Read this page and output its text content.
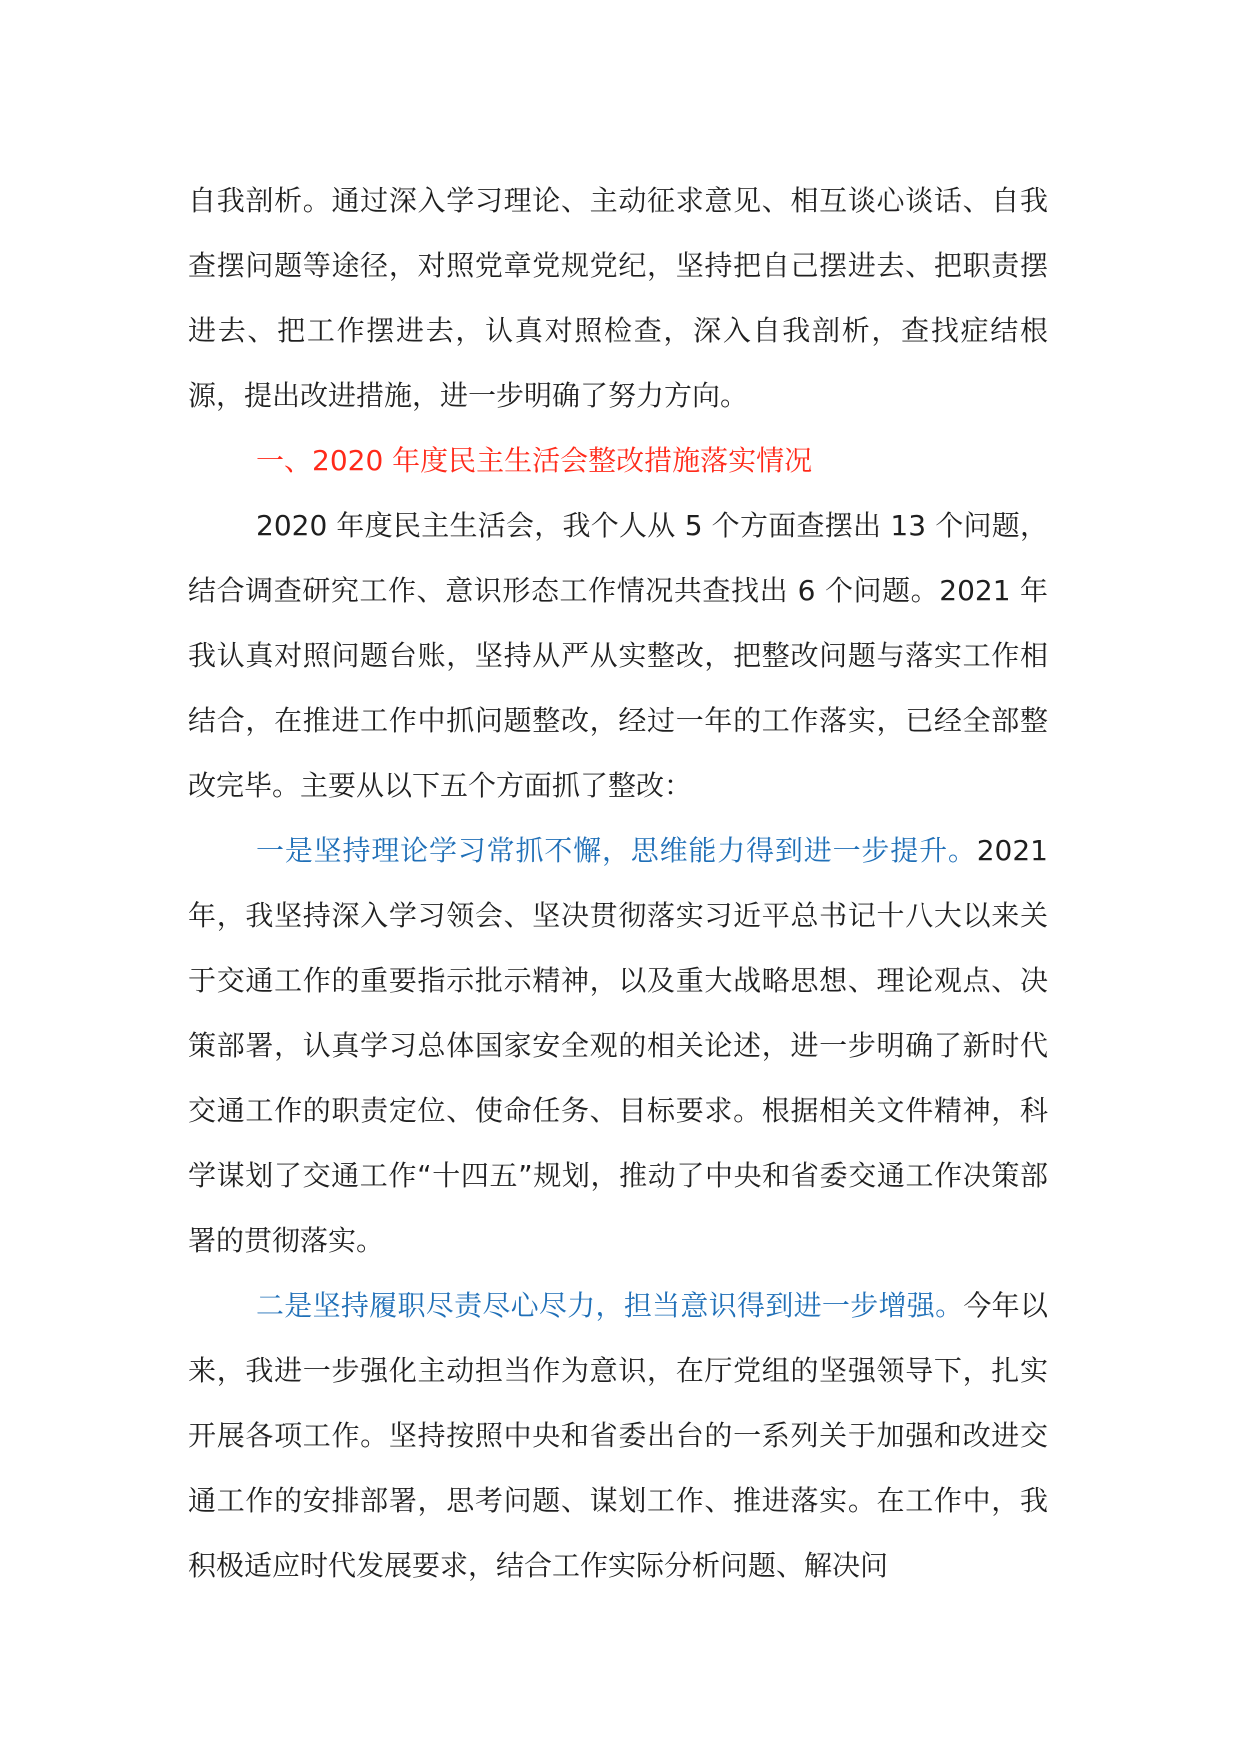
自我剖析。通过深入学习理论、主动征求意见、相互谈心谈话、自我查摆问题等途径，对照党章党规党纪，坚持把自己摆进去、把职责摆进去、把工作摆进去，认真对照检查，深入自我剖析，查找症结根源，提出改进措施，进一步明确了努力方向。

一、2020 年度民主生活会整改措施落实情况

2020 年度民主生活会，我个人从 5 个方面查摆出 13 个问题，结合调查研究工作、意识形态工作情况共查找出 6 个问题。2021 年我认真对照问题台账，坚持从严从实整改，把整改问题与落实工作相结合，在推进工作中抓问题整改，经过一年的工作落实，已经全部整改完毕。主要从以下五个方面抓了整改：

一是坚持理论学习常抓不懈，思维能力得到进一步提升。2021 年，我坚持深入学习领会、坚决贯彻落实习近平总书记十八大以来关于交通工作的重要指示批示精神，以及重大战略思想、理论观点、决策部署，认真学习总体国家安全观的相关论述，进一步明确了新时代交通工作的职责定位、使命任务、目标要求。根据相关文件精神，科学谋划了交通工作“十四五”规划，推动了中央和省委交通工作决策部署的贯彻落实。

二是坚持履职尽责尽心尽力，担当意识得到进一步增强。今年以来，我进一步强化主动担当作为意识，在厅党组的坚强领导下，扎实开展各项工作。坚持按照中央和省委出台的一系列关于加强和改进交通工作的安排部署，思考问题、谋划工作、推进落实。在工作中，我积极适应时代发展要求，结合工作实际分析问题、解决问
